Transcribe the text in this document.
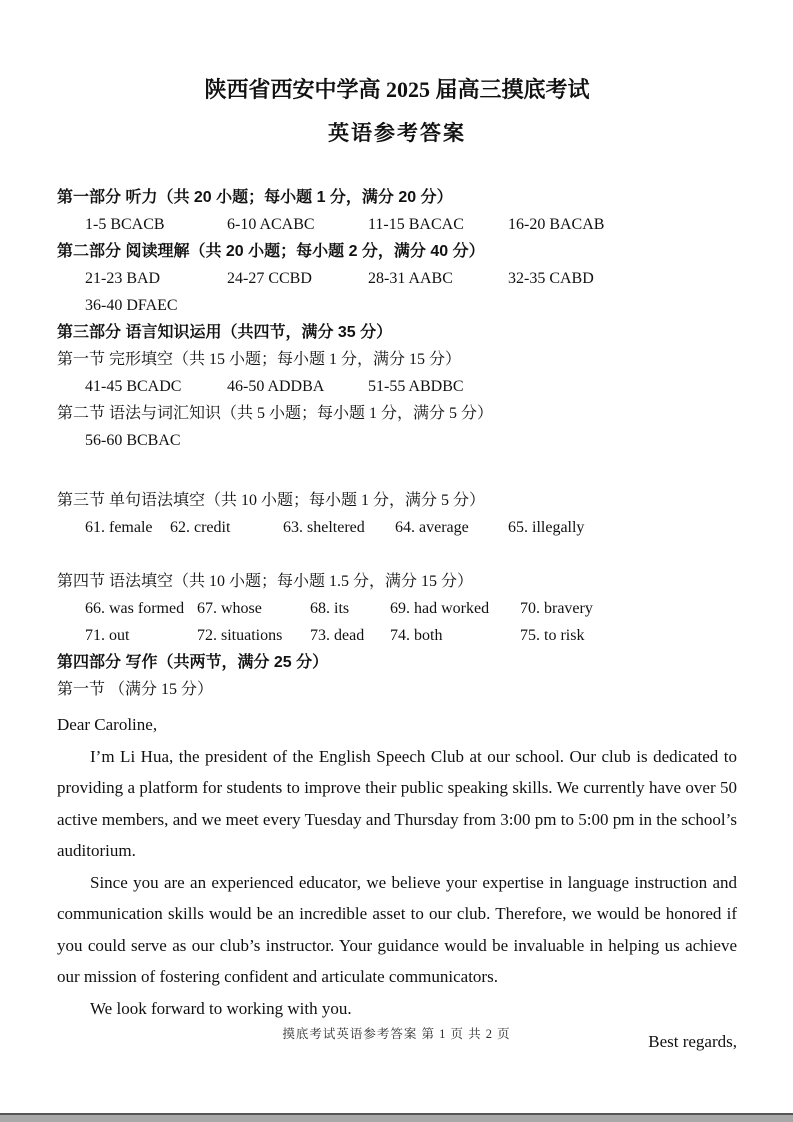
陕西省西安中学高 2025 届高三摸底考试
英语参考答案
第一部分 听力（共 20 小题；每小题 1 分，满分 20 分）
1-5 BCACB	6-10 ACABC	11-15 BACAC	16-20 BACAB
第二部分 阅读理解（共 20 小题；每小题 2 分，满分 40 分）
21-23 BAD	24-27 CCBD	28-31 AABC	32-35 CABD
36-40 DFAEC
第三部分 语言知识运用（共四节，满分 35 分）
第一节 完形填空（共 15 小题；每小题 1 分，满分 15 分）
41-45 BCADC	46-50 ADDBA	51-55 ABDBC
第二节 语法与词汇知识（共 5 小题；每小题 1 分，满分 5 分）
56-60 BCBAC
第三节 单句语法填空（共 10 小题；每小题 1 分，满分 5 分）
61. female 62. credit	63. sheltered 64. average 65. illegally
第四节 语法填空（共 10 小题；每小题 1.5 分，满分 15 分）
66. was formed 67. whose	68. its	69. had worked 70. bravery
71. out	72. situations 73. dead 74. both	75. to risk
第四部分 写作（共两节，满分 25 分）
第一节 （满分 15 分）

Dear Caroline,

I’m Li Hua, the president of the English Speech Club at our school. Our club is dedicated to providing a platform for students to improve their public speaking skills. We currently have over 50 active members, and we meet every Tuesday and Thursday from 3:00 pm to 5:00 pm in the school’s auditorium.

Since you are an experienced educator, we believe your expertise in language instruction and communication skills would be an incredible asset to our club. Therefore, we would be honored if you could serve as our club’s instructor. Your guidance would be invaluable in helping us achieve our mission of fostering confident and articulate communicators.

We look forward to working with you.

Best regards,

摸底考试英语参考答案 第 1 页 共 2 页
